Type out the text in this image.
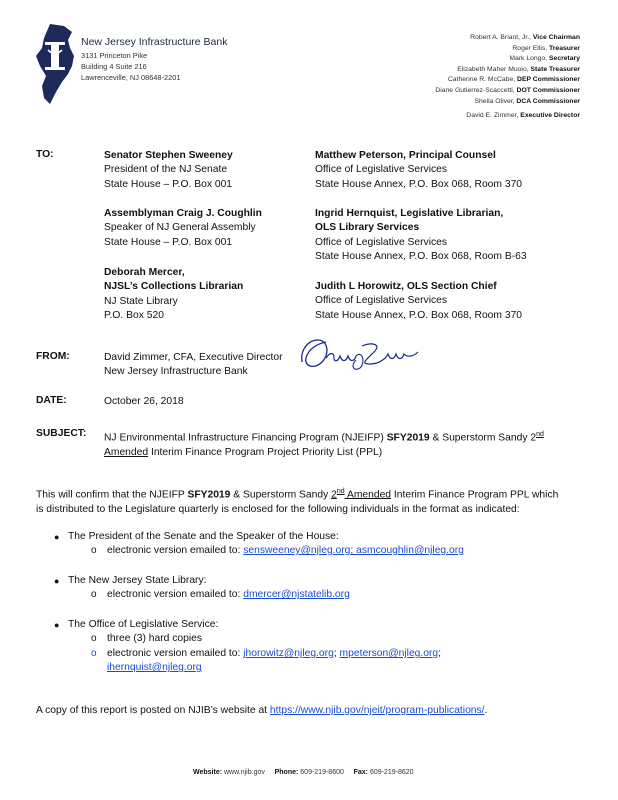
New Jersey Infrastructure Bank
3131 Princeton Pike
Building 4 Suite 216
Lawrenceville, NJ 08648-2201
Robert A. Briant, Jr., Vice Chairman
Roger Ellis, Treasurer
Mark Longo, Secretary
Elizabeth Maher Muoio, State Treasurer
Catherine R. McCabe, DEP Commissioner
Diane Gutierrez-Scaccetti, DOT Commissioner
Sheila Oliver, DCA Commissioner
David E. Zimmer, Executive Director
TO:	Senator Stephen Sweeney
President of the NJ Senate
State House – P.O. Box 001
Assemblyman Craig J. Coughlin
Speaker of NJ General Assembly
State House – P.O. Box 001
Deborah Mercer,
NJSL’s Collections Librarian
NJ State Library
P.O. Box 520
Matthew Peterson, Principal Counsel
Office of Legislative Services
State House Annex, P.O. Box 068, Room 370
Ingrid Hernquist, Legislative Librarian,
OLS Library Services
Office of Legislative Services
State House Annex, P.O. Box 068, Room B-63
Judith L Horowitz, OLS Section Chief
Office of Legislative Services
State House Annex, P.O. Box 068, Room 370
FROM:	David Zimmer, CFA, Executive Director
New Jersey Infrastructure Bank
DATE:	October 26, 2018
SUBJECT: NJ Environmental Infrastructure Financing Program (NJEIFP) SFY2019 & Superstorm Sandy 2nd
Amended Interim Finance Program Project Priority List (PPL)
This will confirm that the NJEIFP SFY2019 & Superstorm Sandy 2nd Amended Interim Finance Program PPL which
is distributed to the Legislature quarterly is enclosed for the following individuals in the format as indicated:
● The President of the Senate and the Speaker of the House:
o electronic version emailed to: sensweeney@njleg.org; asmcoughlin@njleg.org
● The New Jersey State Library:
o electronic version emailed to: dmercer@njstatelib.org
● The Office of Legislative Service:
o three (3) hard copies
o electronic version emailed to: jhorowitz@njleg.org; mpeterson@njleg.org;
ihernquist@njleg.org
A copy of this report is posted on NJIB’s website at https://www.njib.gov/njeit/program-publications/.
Website: www.njib.gov Phone: 609-219-8600 Fax: 609-219-8620
